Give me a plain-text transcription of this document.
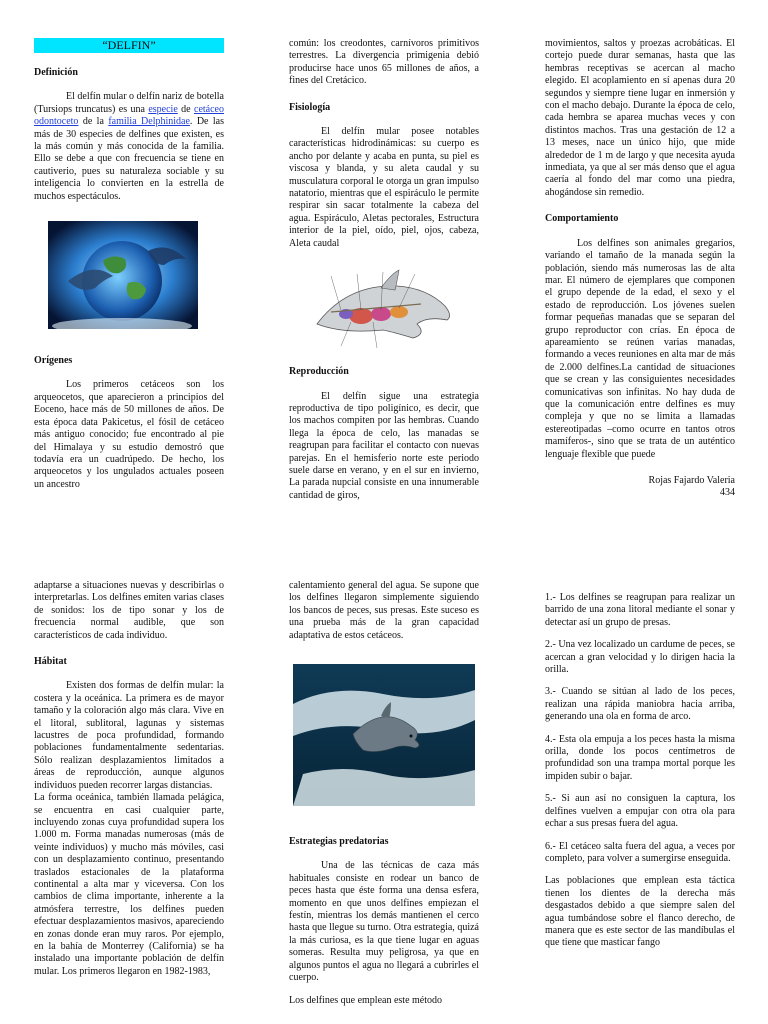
“DELFIN”
Definición

El delfín mular o delfín nariz de botella (Tursiops truncatus) es una especie de cetáceo odontoceto de la familia Delphinidae. De las más de 30 especies de delfines que existen, es la más común y más conocida de la familia. Ello se debe a que con frecuencia se tiene en cautiverio, pues su naturaleza sociable y su inteligencia lo convierten en la estrella de muchos espectáculos.

Orígenes

Los primeros cetáceos son los arqueocetos, que aparecieron a principios del Eoceno, hace más de 50 millones de años. De esta época data Pakicetus, el fósil de cetáceo más antiguo conocido; fue encontrado al pie del Himalaya y su estudio demostró que todavía era un cuadrúpedo. De hecho, los arqueocetos y los ungulados actuales poseen un ancestro

común: los creodontes, carnívoros primitivos terrestres. La divergencia primigenia debió producirse hace unos 65 millones de años, a fines del Cretácico.

Fisiología

El delfín mular posee notables características hidrodinámicas: su cuerpo es ancho por delante y acaba en punta, su piel es viscosa y blanda, y su aleta caudal y su musculatura corporal le otorga un gran impulso natatorio, mientras que el espiráculo le permite respirar sin sacar totalmente la cabeza del agua. Espiráculo, Aletas pectorales, Estructura interior de la piel, oído, piel, ojos, cabeza, Aleta caudal

Reproducción

El delfín sigue una estrategia reproductiva de tipo poligínico, es decir, que los machos compiten por las hembras. Cuando llega la época de celo, las manadas se reagrupan para facilitar el contacto con nuevas parejas. En el hemisferio norte este periodo suele darse en verano, y en el sur en invierno, La parada nupcial consiste en una innumerable cantidad de giros,

movimientos, saltos y proezas acrobáticas. El cortejo puede durar semanas, hasta que las hembras receptivas se acercan al macho elegido. El acoplamiento en sí apenas dura 20 segundos y siempre tiene lugar en inmersión y con el macho debajo. Durante la época de celo, cada hembra se aparea muchas veces y con distintos machos. Tras una gestación de 12 a 13 meses, nace un único hijo, que mide alrededor de 1 m de largo y que necesita ayuda inmediata, ya que al ser más denso que el agua caería al fondo del mar como una piedra, ahogándose sin remedio.

Comportamiento

Los delfines son animales gregarios, variando el tamaño de la manada según la población, siendo más numerosas las de alta mar. El número de ejemplares que componen el grupo depende de la edad, el sexo y el estado de reproducción. Los jóvenes suelen formar pequeñas manadas que se separan del grupo reproductor con crías. En época de apareamiento se reúnen varias manadas, formando a veces reuniones en alta mar de más de 2.000 delfines.La cantidad de situaciones que se crean y las consiguientes necesidades comunicativas son infinitas. No hay duda de que la comunicación entre delfines es muy compleja y que no se limita a llamadas estereotipadas –como ocurre en tantos otros mamíferos-, sino que se trata de un auténtico lenguaje flexible que puede

Rojas Fajardo Valeria
434

adaptarse a situaciones nuevas y describirlas o interpretarlas. Los delfines emiten varias clases de sonidos: los de tipo sonar y los de frecuencia normal audible, que son característicos de cada individuo.

Hábitat

Existen dos formas de delfín mular: la costera y la oceánica. La primera es de mayor tamaño y la coloración algo más clara. Vive en el litoral, sublitoral, lagunas y sistemas lacustres de poca profundidad, formando poblaciones fundamentalmente sedentarias. Sólo realizan desplazamientos limitados a áreas de reproducción, aunque algunos individuos pueden recorrer largas distancias.

La forma oceánica, también llamada pelágica, se encuentra en casi cualquier parte, incluyendo zonas cuya profundidad supera los 1.000 m. Forma manadas numerosas (más de veinte individuos) y mucho más móviles, casi con un desplazamiento continuo, presentando traslados estacionales de la plataforma continental a alta mar y viceversa. Con los cambios de clima importante, inherente a la atmósfera terrestre, los delfines pueden efectuar desplazamientos masivos, apareciendo en zonas donde eran muy raros. Por ejemplo, en la bahía de Monterrey (California) se ha instalado una importante población de delfín mular. Los primeros llegaron en 1982-1983,

calentamiento general del agua. Se supone que los delfines llegaron simplemente siguiendo los bancos de peces, sus presas. Este suceso es una prueba más de la gran capacidad adaptativa de estos cetáceos.

Estrategias predatorias

Una de las técnicas de caza más habituales consiste en rodear un banco de peces hasta que éste forma una densa esfera, momento en que unos delfines empiezan el festín, mientras los demás mantienen el cerco hasta que llegue su turno. Otra estrategia, quizá la más curiosa, es la que tiene lugar en aguas someras. Resulta muy peligrosa, ya que en algunos puntos el agua no llegará a cubrirles el cuerpo.

Los delfines que emplean este método

1.- Los delfines se reagrupan para realizar un barrido de una zona litoral mediante el sonar y detectar así un grupo de presas.

2.- Una vez localizado un cardume de peces, se acercan a gran velocidad y lo dirigen hacia la orilla.

3.- Cuando se sitúan al lado de los peces, realizan una rápida maniobra hacia arriba, generando una ola en forma de arco.

4.- Esta ola empuja a los peces hasta la misma orilla, donde los pocos centímetros de profundidad son una trampa mortal porque les impiden subir o bajar.

5.- Si aun así no consiguen la captura, los delfines vuelven a empujar con otra ola para echar a sus presas fuera del agua.

6.- El cetáceo salta fuera del agua, a veces por completo, para volver a sumergirse enseguida.

Las poblaciones que emplean esta táctica tienen los dientes de la derecha más desgastados debido a que siempre salen del agua tumbándose sobre el flanco derecho, de manera que es este sector de las mandíbulas el que tiene que masticar fango
